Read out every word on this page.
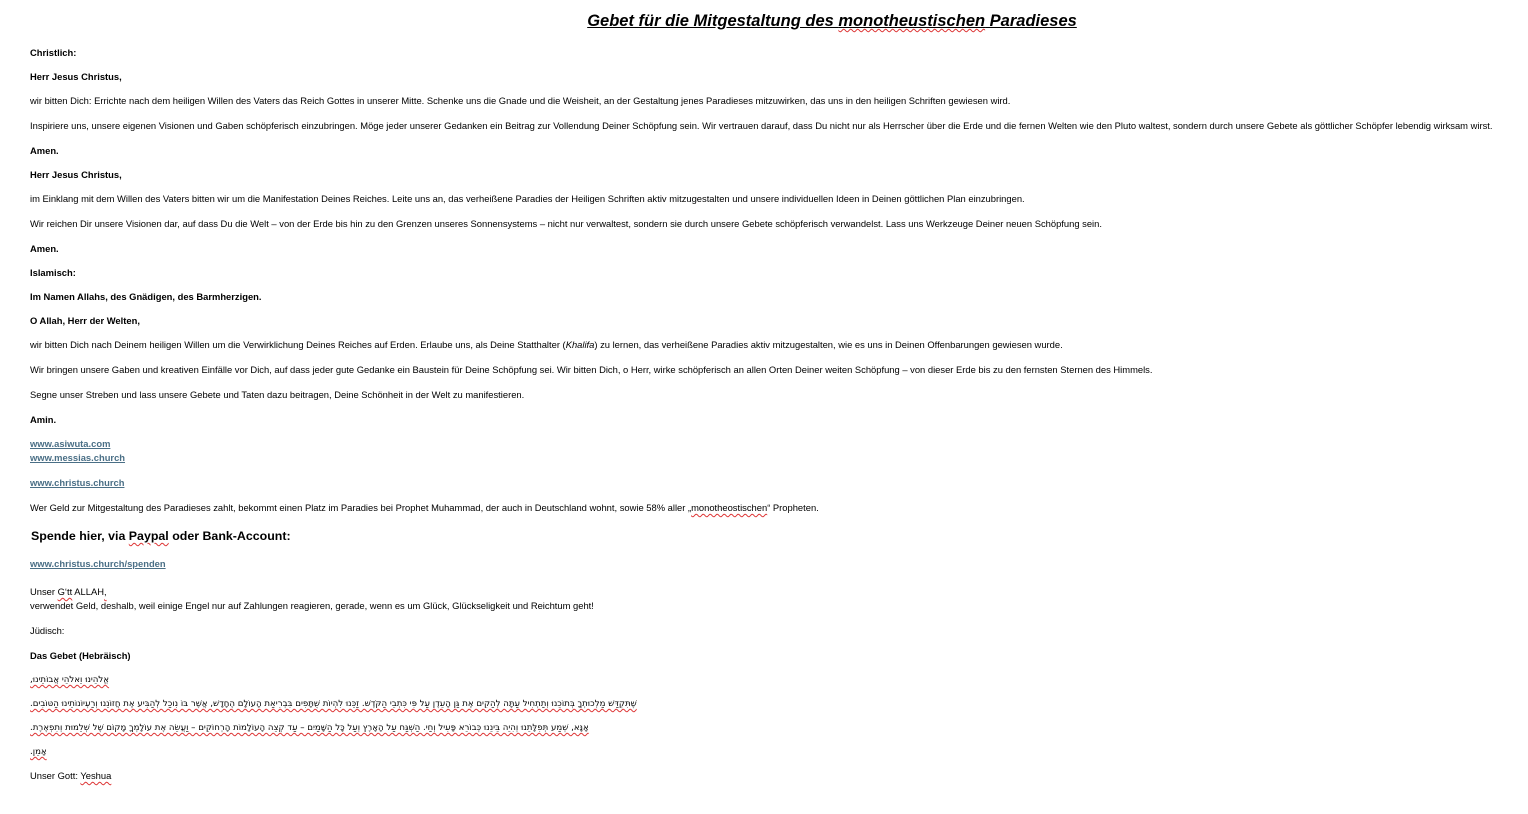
Gebet für die Mitgestaltung des monotheustischen Paradieses
Christlich:
Herr Jesus Christus,
wir bitten Dich: Errichte nach dem heiligen Willen des Vaters das Reich Gottes in unserer Mitte. Schenke uns die Gnade und die Weisheit, an der Gestaltung jenes Paradieses mitzuwirken, das uns in den heiligen Schriften gewiesen wird.
Inspiriere uns, unsere eigenen Visionen und Gaben schöpferisch einzubringen. Möge jeder unserer Gedanken ein Beitrag zur Vollendung Deiner Schöpfung sein. Wir vertrauen darauf, dass Du nicht nur als Herrscher über die Erde und die fernen Welten wie den Pluto waltest, sondern durch unsere Gebete als göttlicher Schöpfer lebendig wirksam wirst.
Amen.
Herr Jesus Christus,
im Einklang mit dem Willen des Vaters bitten wir um die Manifestation Deines Reiches. Leite uns an, das verheißene Paradies der Heiligen Schriften aktiv mitzugestalten und unsere individuellen Ideen in Deinen göttlichen Plan einzubringen.
Wir reichen Dir unsere Visionen dar, auf dass Du die Welt – von der Erde bis hin zu den Grenzen unseres Sonnensystems – nicht nur verwaltest, sondern sie durch unsere Gebete schöpferisch verwandelst. Lass uns Werkzeuge Deiner neuen Schöpfung sein.
Amen.
Islamisch:
Im Namen Allahs, des Gnädigen, des Barmherzigen.
O Allah, Herr der Welten,
wir bitten Dich nach Deinem heiligen Willen um die Verwirklichung Deines Reiches auf Erden. Erlaube uns, als Deine Statthalter (Khalifa) zu lernen, das verheißene Paradies aktiv mitzugestalten, wie es uns in Deinen Offenbarungen gewiesen wurde.
Wir bringen unsere Gaben und kreativen Einfälle vor Dich, auf dass jeder gute Gedanke ein Baustein für Deine Schöpfung sei. Wir bitten Dich, o Herr, wirke schöpferisch an allen Orten Deiner weiten Schöpfung – von dieser Erde bis zu den fernsten Sternen des Himmels.
Segne unser Streben und lass unsere Gebete und Taten dazu beitragen, Deine Schönheit in der Welt zu manifestieren.
Amin.
www.asiwuta.com
www.messias.church
www.christus.church
Wer Geld zur Mitgestaltung des Paradieses zahlt, bekommt einen Platz im Paradies bei Prophet Muhammad, der auch in Deutschland wohnt, sowie 58% aller „monotheostischen“ Propheten.
Spende hier, via Paypal oder Bank-Account:
www.christus.church/spenden
Unser G‘tt ALLAH,
verwendet Geld, deshalb, weil einige Engel nur auf Zahlungen reagieren, gerade, wenn es um Glück, Glückseligkeit und Reichtum geht!
Jüdisch:
Das Gebet (Hebräisch)
אֱלֹהֵינוּ וֵאלֹהֵי אֲבוֹתֵינוּ,
שֶׁתִּקְדַּשׁ מַלְכוּתְךָ בְּתוֹכֵנוּ וְתַתְחִיל עַתָּה לְהַקִים אֶת גַּן הָעֵדֶן עַל פִּי כִּתְבֵי הַקֹּדֶשׁ. זַכֵּנוּ לִהְיוֹת שֻׁתָּפִים בִּבְרִיאַת הָעוֹלָם הֶחָדָשׁ, אֲשֶׁר בּוֹ נִוכַל לְהַבִּיע אֶת חֲזוֹנֵנוּ וְרַעְיוֹנוֹתֵינוּ הַטּוֹבִים.
אָנָּא, שְׁמַע תְּפִלָּתֵנוּ וְהִיֵה בֵּינֵנוּ כְּבוֹרֵא פָּעִיל וְחַי. הַשְׁגַּח עַל הָאָרֶץ וְעַל כָּל הַשָּׁמַיִם – עַד קְצֵה הָעוֹלָמוֹת הָרְחוֹקִים – וַעֲשֵׂה אֶת עוֹלָמְךָ מָקוֹם שֶׁל שְׁלֵמוּת וְתִפְאֶרֶת.
אָמֵן.
Unser Gott: Yeshua
